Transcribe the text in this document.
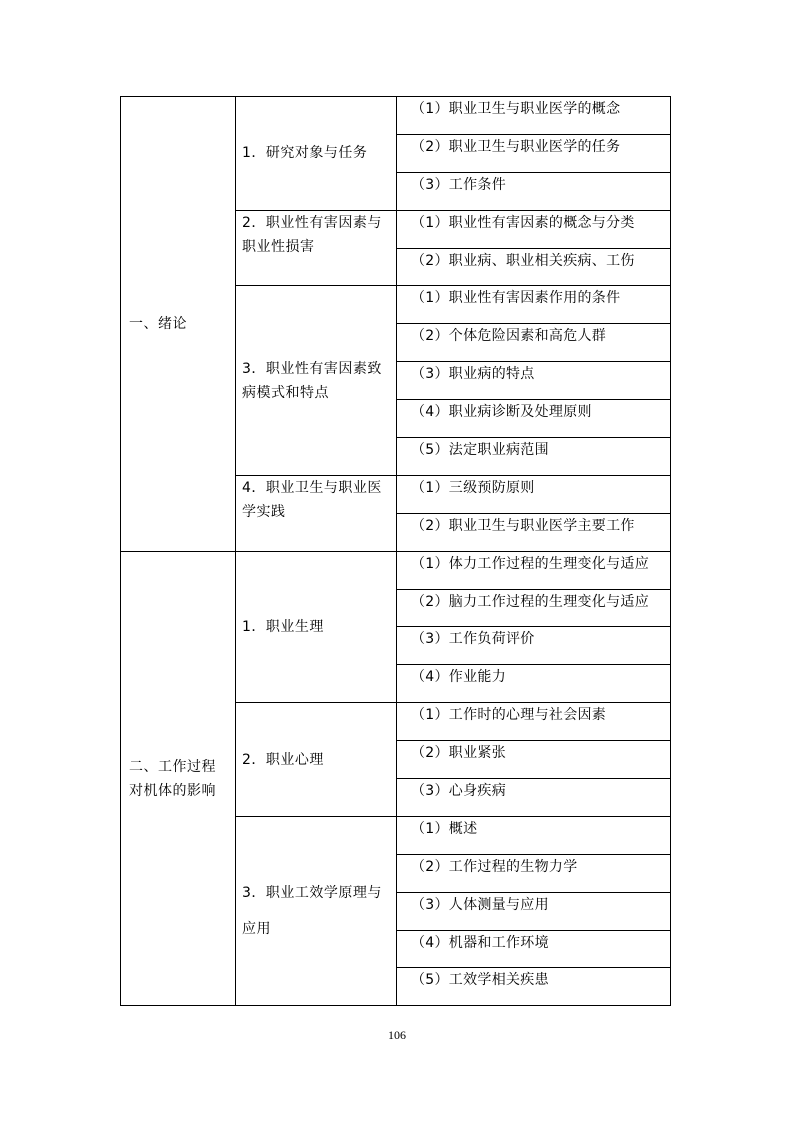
一、绪论	1．研究对象与任务	（1）职业卫生与职业医学的概念

		（2）职业卫生与职业医学的任务

		（3）工作条件

	2．职业性有害因素与职业性损害	（1）职业性有害因素的概念与分类

		（2）职业病、职业相关疾病、工伤

	3．职业性有害因素致病模式和特点	（1）职业性有害因素作用的条件

		（2）个体危险因素和高危人群

		（3）职业病的特点

		（4）职业病诊断及处理原则

		（5）法定职业病范围

	4．职业卫生与职业医学实践	（1）三级预防原则

		（2）职业卫生与职业医学主要工作

二、工作过程对机体的影响	1．职业生理	（1）体力工作过程的生理变化与适应

		（2）脑力工作过程的生理变化与适应

		（3）工作负荷评价

		（4）作业能力

	2．职业心理	（1）工作时的心理与社会因素

		（2）职业紧张

		（3）心身疾病

	3．职业工效学原理与应用	（1）概述

		（2）工作过程的生物力学

		（3）人体测量与应用

		（4）机器和工作环境

		（5）工效学相关疾患
106
